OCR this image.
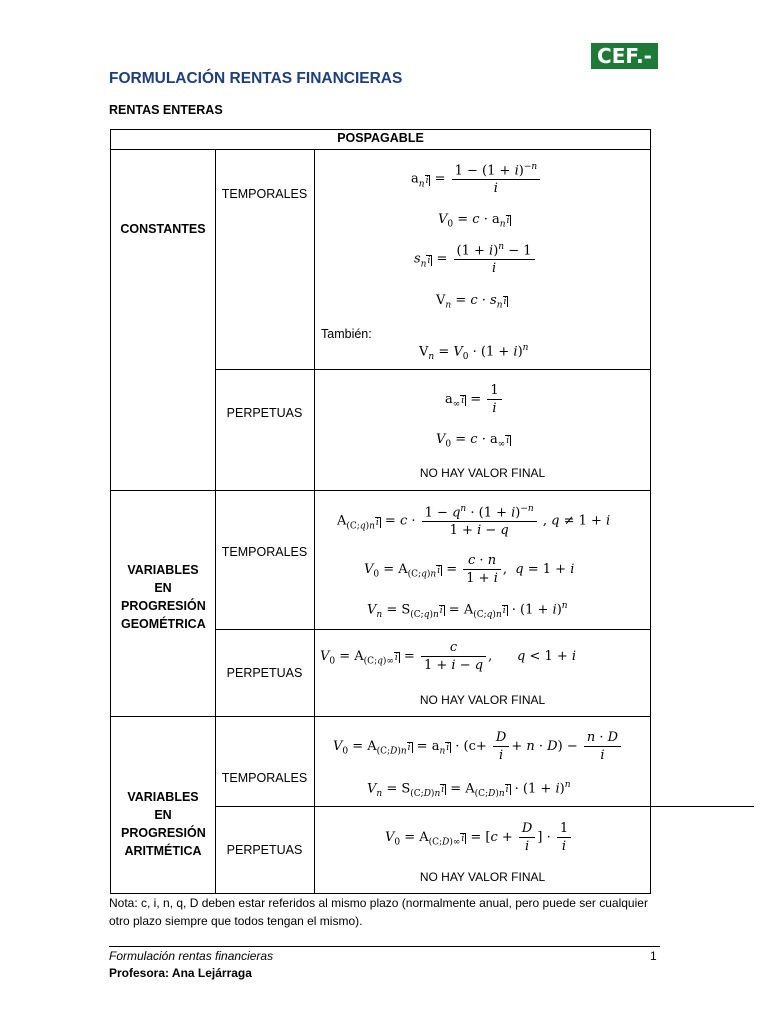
CEF.-
FORMULACIÓN RENTAS FINANCIERAS
RENTAS ENTERAS
POSPAGABLE
CONSTANTES
VARIABLES EN PROGRESIÓN GEOMÉTRICA
VARIABLES EN PROGRESIÓN ARITMÉTICA
TEMPORALES
PERPETUAS
TEMPORALES
PERPETUAS
TEMPORALES
PERPETUAS
$a_ni = \frac{1 - (1 + i)^{-n}}{i}$
$V_0 = c \cdot a_ni$
$s_ni = \frac{(1 + i)^n - 1}{i}$
$V_n = c \cdot s_ni$
También:
$V_n = V_0 \cdot (1 + i)^n$
$a_\infty i = \frac{1}{i}$
$V_0 = c \cdot a_\infty i$
NO HAY VALOR FINAL
$A_{(C;q)n}i = c \cdot \frac{1 - q^n \cdot (1 + i)^{-n}}{1 + i - q}$ , q ≠ 1 + i
$V_0 = A_{(C;q)n}i = \frac{c \cdot n}{1 + i}$ ,  q = 1 + i
$V_n = S_{(C;q)n}i = A_{(C;q)n}i \cdot (1 + i)^n$
$V_0 = A_{(C;q)\infty}i = \frac{c}{1 + i - q}$ ,      q < 1 + i
NO HAY VALOR FINAL
$V_0 = A_{(C;D)n}i = a_ni \cdot (c+ \frac{D}{i} + n \cdot D) - \frac{n \cdot D}{i}$
$V_n = S_{(C;D)n}i = A_{(C;D)n}i \cdot (1 + i)^n$
$V_0 = A_{(C;D)\infty}i = [c + \frac{D}{i}$ ] · $\frac{1}{i}$
NO HAY VALOR FINAL
Nota: c, i, n, q, D deben estar referidos al mismo plazo (normalmente anual, pero puede ser cualquier otro plazo siempre que todos tengan el mismo).
Formulación rentas financieras
Profesora: Ana Lejárraga
1
